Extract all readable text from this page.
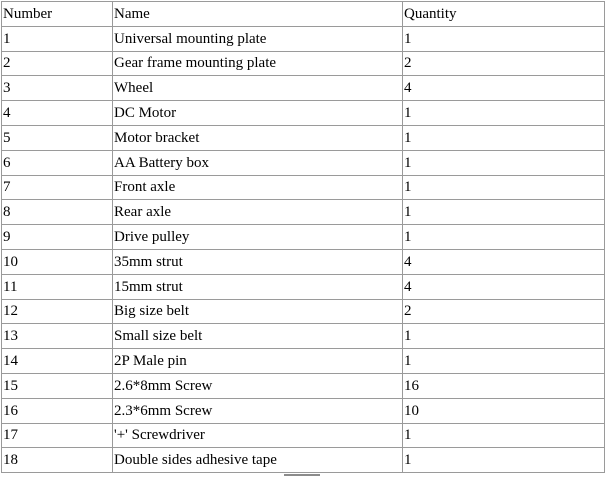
Number	Name	Quantity
1	Universal mounting plate	1
2	Gear frame mounting plate	2
3	Wheel	4
4	DC Motor	1
5	Motor bracket	1
6	AA Battery box	1
7	Front axle	1
8	Rear axle	1
9	Drive pulley	1
10	35mm strut	4
11	15mm strut	4
12	Big size belt	2
13	Small size belt	1
14	2P Male pin	1
15	2.6*8mm Screw	16
16	2.3*6mm Screw	10
17	'+' Screwdriver	1
18	Double sides adhesive tape	1
